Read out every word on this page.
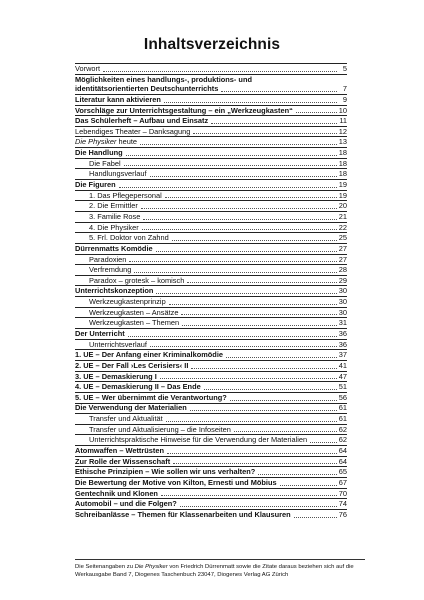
Inhaltsverzeichnis
Vorwort	5
Möglichkeiten eines handlungs-, produktions- und
identitätsorientierten Deutschunterrichts	7
Literatur kann aktivieren	9
Vorschläge zur Unterrichtsgestaltung – ein „Werkzeugkasten“	10
Das Schülerheft – Aufbau und Einsatz	11
Lebendiges Theater – Danksagung	12
Die Physiker heute	13
Die Handlung	18
Die Fabel	18
Handlungsverlauf	18
Die Figuren	19
1. Das Pflegepersonal	19
2. Die Ermittler	20
3. Familie Rose	21
4. Die Physiker	22
5. Frl. Doktor von Zahnd	25
Dürrenmatts Komödie	27
Paradoxien	27
Verfremdung	28
Paradox – grotesk – komisch	29
Unterrichtskonzeption	30
Werkzeugkastenprinzip	30
Werkzeugkasten – Ansätze	30
Werkzeugkasten – Themen	31
Der Unterricht	36
Unterrichtsverlauf	36
1. UE – Der Anfang einer Kriminalkomödie	37
2. UE – Der Fall ›Les Cerisiers‹ II	41
3. UE – Demaskierung I	47
4. UE – Demaskierung II – Das Ende	51
5. UE – Wer übernimmt die Verantwortung?	56
Die Verwendung der Materialien	61
Transfer und Aktualität	61
Transfer und Aktualisierung – die Infoseiten	62
Unterrichtspraktische Hinweise für die Verwendung der Materialien	62
Atomwaffen – Wettrüsten	64
Zur Rolle der Wissenschaft	64
Ethische Prinzipien – Wie sollen wir uns verhalten?	65
Die Bewertung der Motive von Kilton, Ernesti und Möbius	67
Gentechnik und Klonen	70
Automobil – und die Folgen?	74
Schreibanlässe – Themen für Klassenarbeiten und Klausuren	76
Die Seitenangaben zu Die Physiker von Friedrich Dürrenmatt sowie die Zitate daraus beziehen sich auf die Werkausgabe Band 7, Diogenes Taschenbuch 23047, Diogenes Verlag AG Zürich
